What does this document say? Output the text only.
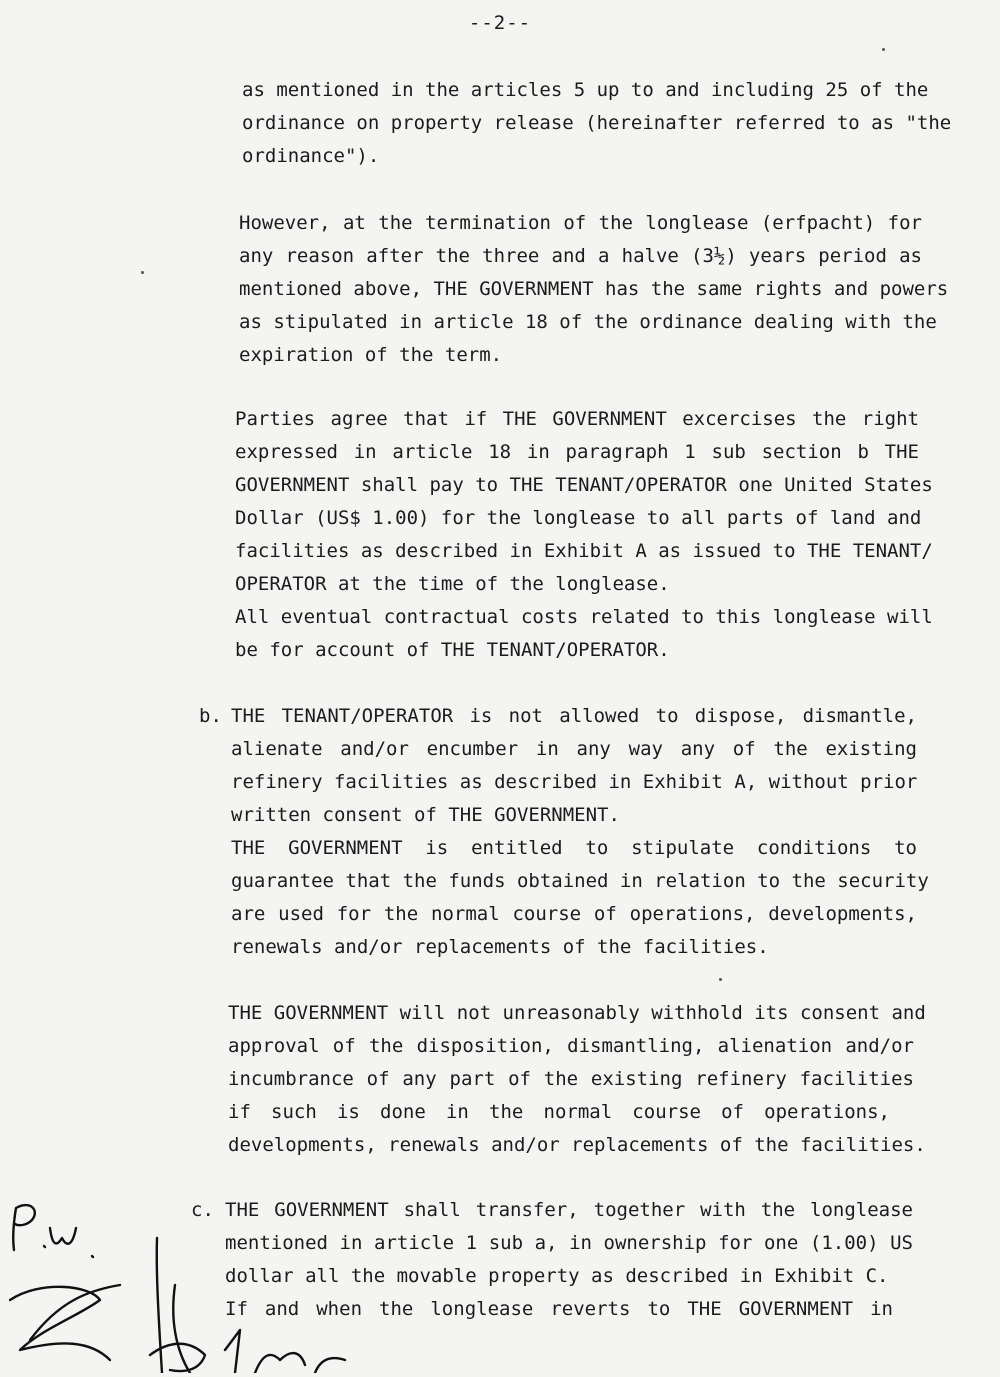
--2--
as mentioned in the articles 5 up to and including 25 of the
ordinance on property release (hereinafter referred to as "the
ordinance").
However, at the termination of the longlease (erfpacht) for
any reason after the three and a halve (3½) years period as
mentioned above, THE GOVERNMENT has the same rights and powers
as stipulated in article 18 of the ordinance dealing with the
expiration of the term.
Parties agree that if THE GOVERNMENT excercises the right
expressed in article 18 in paragraph 1 sub section b THE
GOVERNMENT shall pay to THE TENANT/OPERATOR one United States
Dollar (US$ 1.00) for the longlease to all parts of land and
facilities as described in Exhibit A as issued to THE TENANT/
OPERATOR at the time of the longlease.
All eventual contractual costs related to this longlease will
be for account of THE TENANT/OPERATOR.
b. THE TENANT/OPERATOR is not allowed to dispose, dismantle,
alienate and/or encumber in any way any of the existing
refinery facilities as described in Exhibit A, without prior
written consent of THE GOVERNMENT.
THE GOVERNMENT is entitled to stipulate conditions to
guarantee that the funds obtained in relation to the security
are used for the normal course of operations, developments,
renewals and/or replacements of the facilities.
THE GOVERNMENT will not unreasonably withhold its consent and
approval of the disposition, dismantling, alienation and/or
incumbrance of any part of the existing refinery facilities
if such is done in the normal course of operations,
developments, renewals and/or replacements of the facilities.
c. THE GOVERNMENT shall transfer, together with the longlease
mentioned in article 1 sub a, in ownership for one (1.00) US
dollar all the movable property as described in Exhibit C.
If and when the longlease reverts to THE GOVERNMENT in
